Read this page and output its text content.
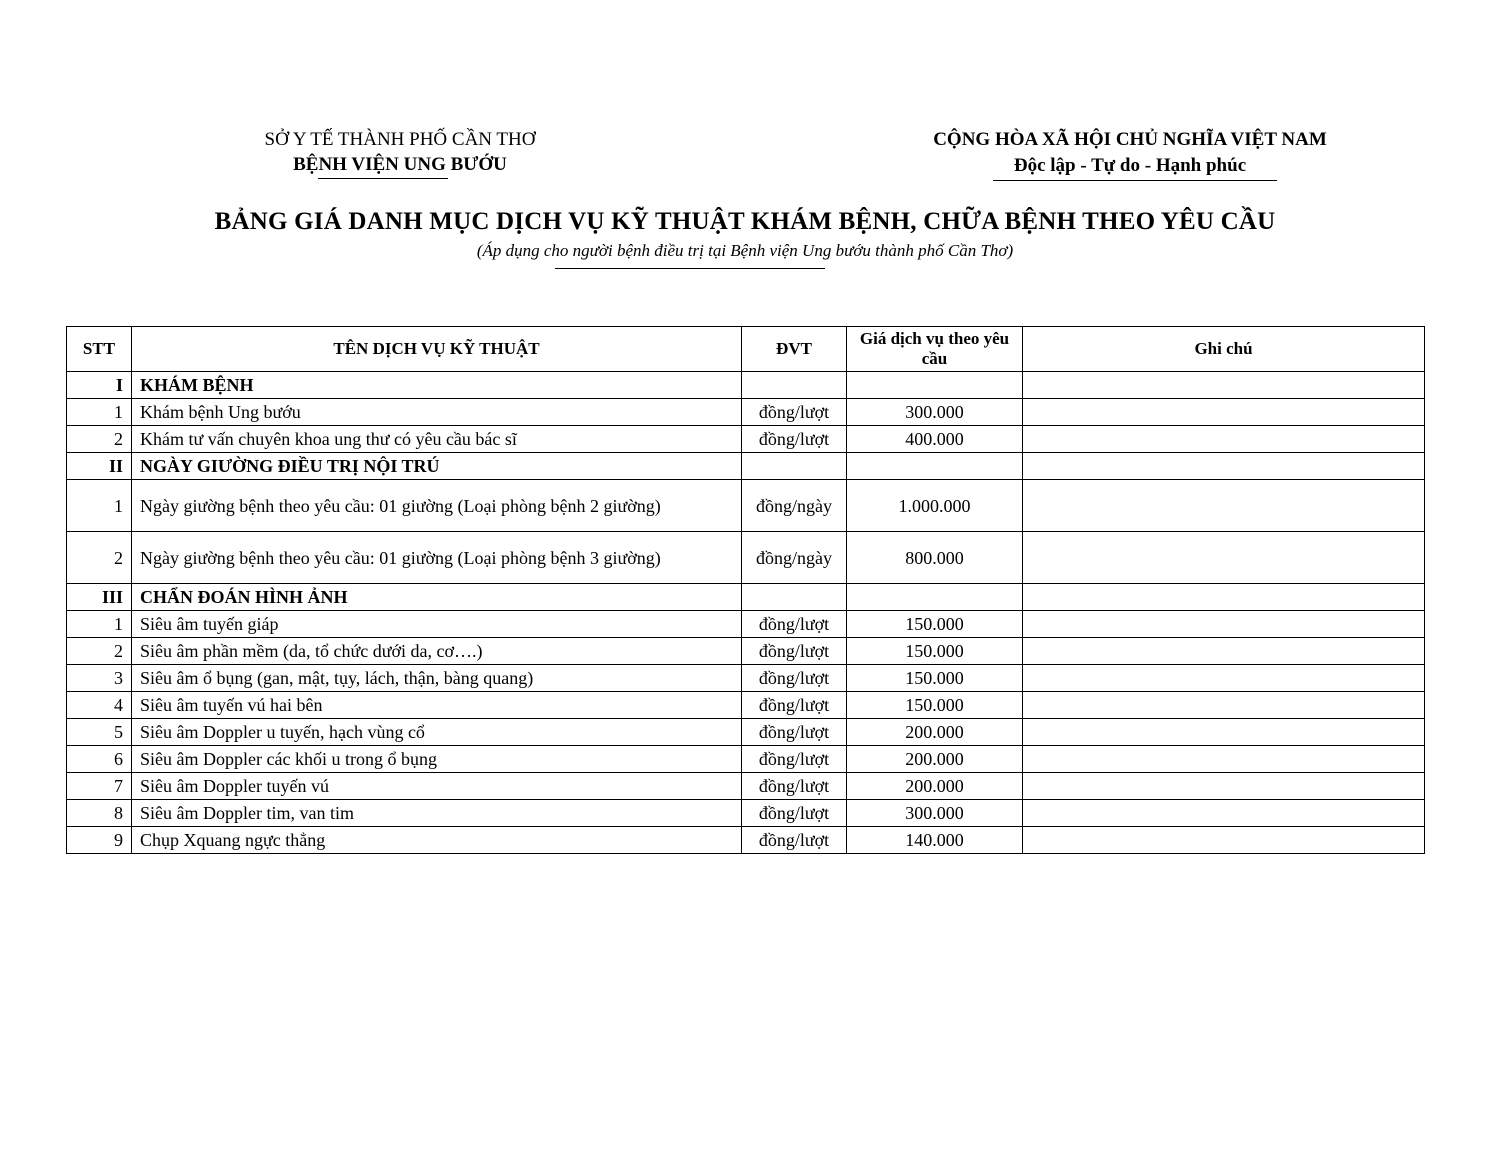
SỞ Y TẾ THÀNH PHỐ CẦN THƠ
BỆNH VIỆN UNG BƯỚU
CỘNG HÒA XÃ HỘI CHỦ NGHĨA VIỆT NAM
Độc lập - Tự do - Hạnh phúc
BẢNG GIÁ DANH MỤC DỊCH VỤ KỸ THUẬT KHÁM BỆNH, CHỮA BỆNH THEO YÊU CẦU
(Áp dụng cho người bệnh điều trị tại Bệnh viện Ung bướu thành phố Cần Thơ)
STT	TÊN DỊCH VỤ KỸ THUẬT	ĐVT	Giá dịch vụ theo yêu cầu	Ghi chú
I	KHÁM BỆNH			
1	Khám bệnh Ung bướu	đồng/lượt	300.000	
2	Khám tư vấn chuyên khoa ung thư có yêu cầu bác sĩ	đồng/lượt	400.000	
II	NGÀY GIƯỜNG ĐIỀU TRỊ NỘI TRÚ			
1	Ngày giường bệnh theo yêu cầu: 01 giường (Loại phòng bệnh 2 giường)	đồng/ngày	1.000.000	
2	Ngày giường bệnh theo yêu cầu: 01 giường (Loại phòng bệnh 3 giường)	đồng/ngày	800.000	
III	CHẨN ĐOÁN HÌNH ẢNH			
1	Siêu âm tuyến giáp	đồng/lượt	150.000	
2	Siêu âm phần mềm (da, tổ chức dưới da, cơ….)	đồng/lượt	150.000	
3	Siêu âm ổ bụng (gan, mật, tụy, lách, thận, bàng quang)	đồng/lượt	150.000	
4	Siêu âm tuyến vú hai bên	đồng/lượt	150.000	
5	Siêu âm Doppler u tuyến, hạch vùng cổ	đồng/lượt	200.000	
6	Siêu âm Doppler các khối u trong ổ bụng	đồng/lượt	200.000	
7	Siêu âm Doppler tuyến vú	đồng/lượt	200.000	
8	Siêu âm Doppler tim, van tim	đồng/lượt	300.000	
9	Chụp Xquang ngực thẳng	đồng/lượt	140.000	
